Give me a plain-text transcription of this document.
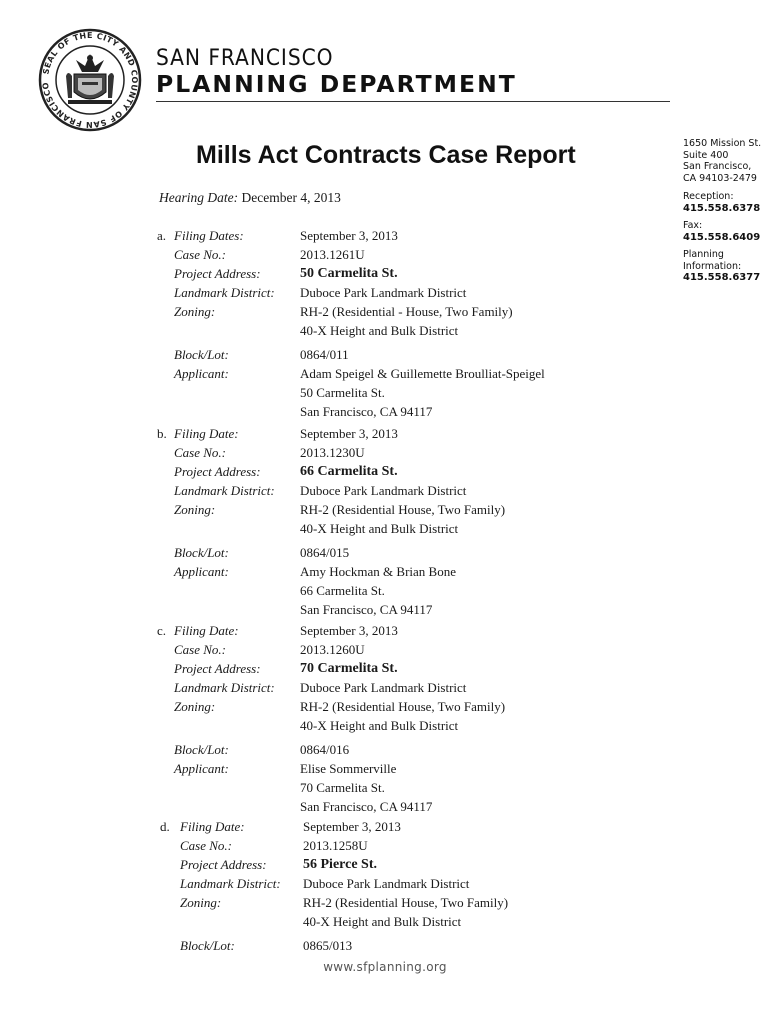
SEAL OF THE CITY AND COUNTY OF SAN FRANCISCO
SAN FRANCISCO
PLANNING DEPARTMENT
1650 Mission St.
Suite 400
San Francisco,
CA 94103-2479
Reception:
415.558.6378
Fax:
415.558.6409
Planning
Information:
415.558.6377
Mills Act Contracts Case Report
Hearing Date: December 4, 2013
a. Filing Dates:	September 3, 2013
Case No.:	2013.1261U
Project Address:	50 Carmelita St.
Landmark District: Duboce Park Landmark District
Zoning:	RH-2 (Residential - House, Two Family)
40-X Height and Bulk District
Block/Lot:	0864/011
Applicant:	Adam Speigel & Guillemette Broulliat-Speigel
50 Carmelita St.
San Francisco, CA 94117
b. Filing Date:	September 3, 2013
Case No.:	2013.1230U
Project Address:	66 Carmelita St.
Landmark District: Duboce Park Landmark District
Zoning:	RH-2 (Residential House, Two Family)
40-X Height and Bulk District
Block/Lot:	0864/015
Applicant:	Amy Hockman & Brian Bone
66 Carmelita St.
San Francisco, CA 94117
c. Filing Date:	September 3, 2013
Case No.:	2013.1260U
Project Address:	70 Carmelita St.
Landmark District: Duboce Park Landmark District
Zoning:	RH-2 (Residential House, Two Family)
40-X Height and Bulk District
Block/Lot:	0864/016
Applicant:	Elise Sommerville
70 Carmelita St.
San Francisco, CA 94117
d. Filing Date:	September 3, 2013
Case No.:	2013.1258U
Project Address:	56 Pierce St.
Landmark District: Duboce Park Landmark District
Zoning:	RH-2 (Residential House, Two Family)
40-X Height and Bulk District
Block/Lot:	0865/013
www.sfplanning.org
